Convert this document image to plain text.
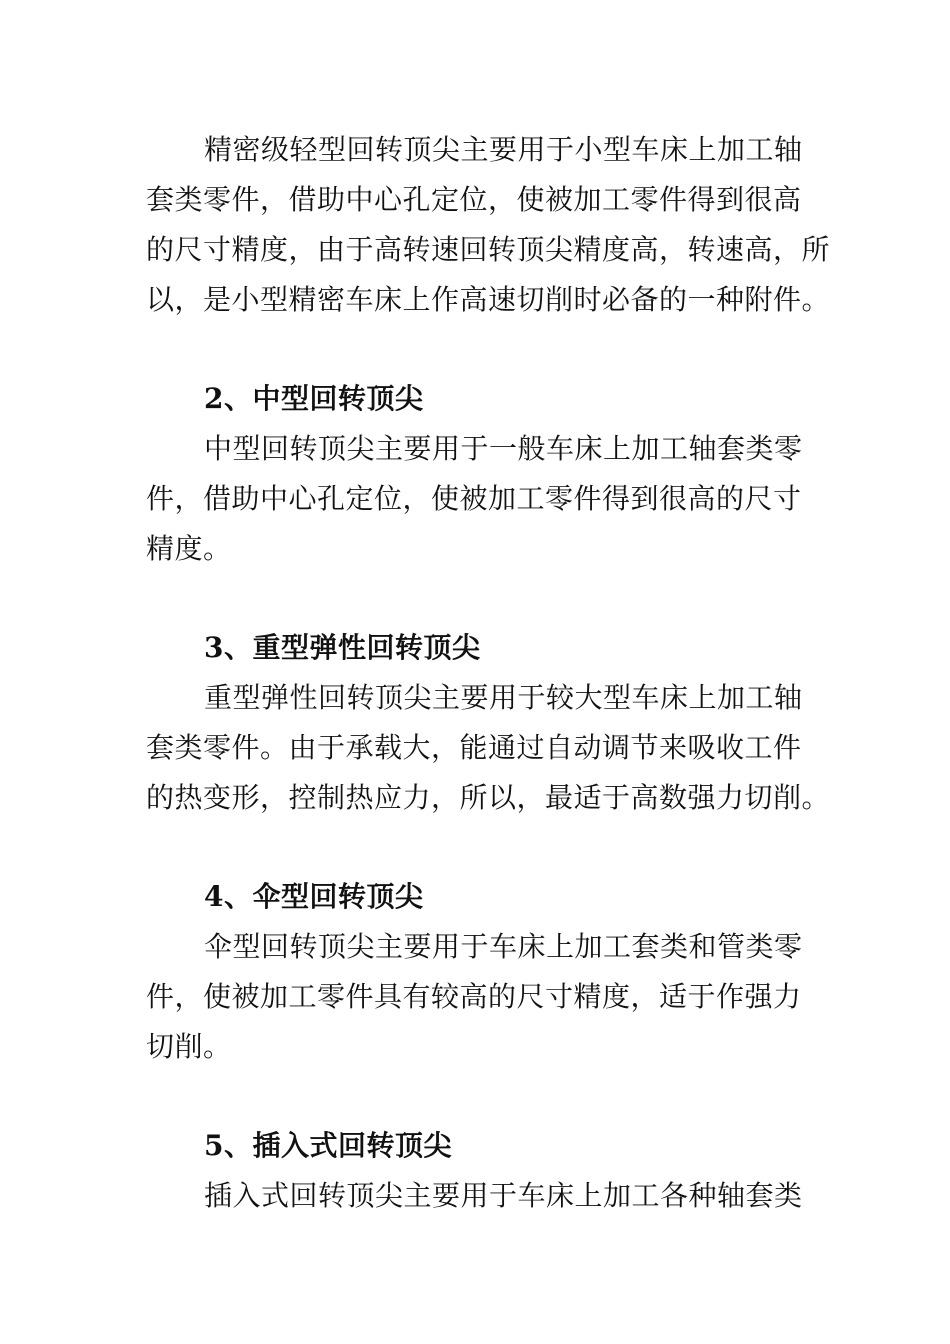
精密级轻型回转顶尖主要用于小型车床上加工轴
套类零件，借助中心孔定位，使被加工零件得到很高
的尺寸精度，由于高转速回转顶尖精度高，转速高，所
以，是小型精密车床上作高速切削时必备的一种附件。
2、中型回转顶尖
中型回转顶尖主要用于一般车床上加工轴套类零
件，借助中心孔定位，使被加工零件得到很高的尺寸
精度。
3、重型弹性回转顶尖
重型弹性回转顶尖主要用于较大型车床上加工轴
套类零件。由于承载大，能通过自动调节来吸收工件
的热变形，控制热应力，所以，最适于高数强力切削。
4、伞型回转顶尖
伞型回转顶尖主要用于车床上加工套类和管类零
件，使被加工零件具有较高的尺寸精度，适于作强力
切削。
5、插入式回转顶尖
插入式回转顶尖主要用于车床上加工各种轴套类
